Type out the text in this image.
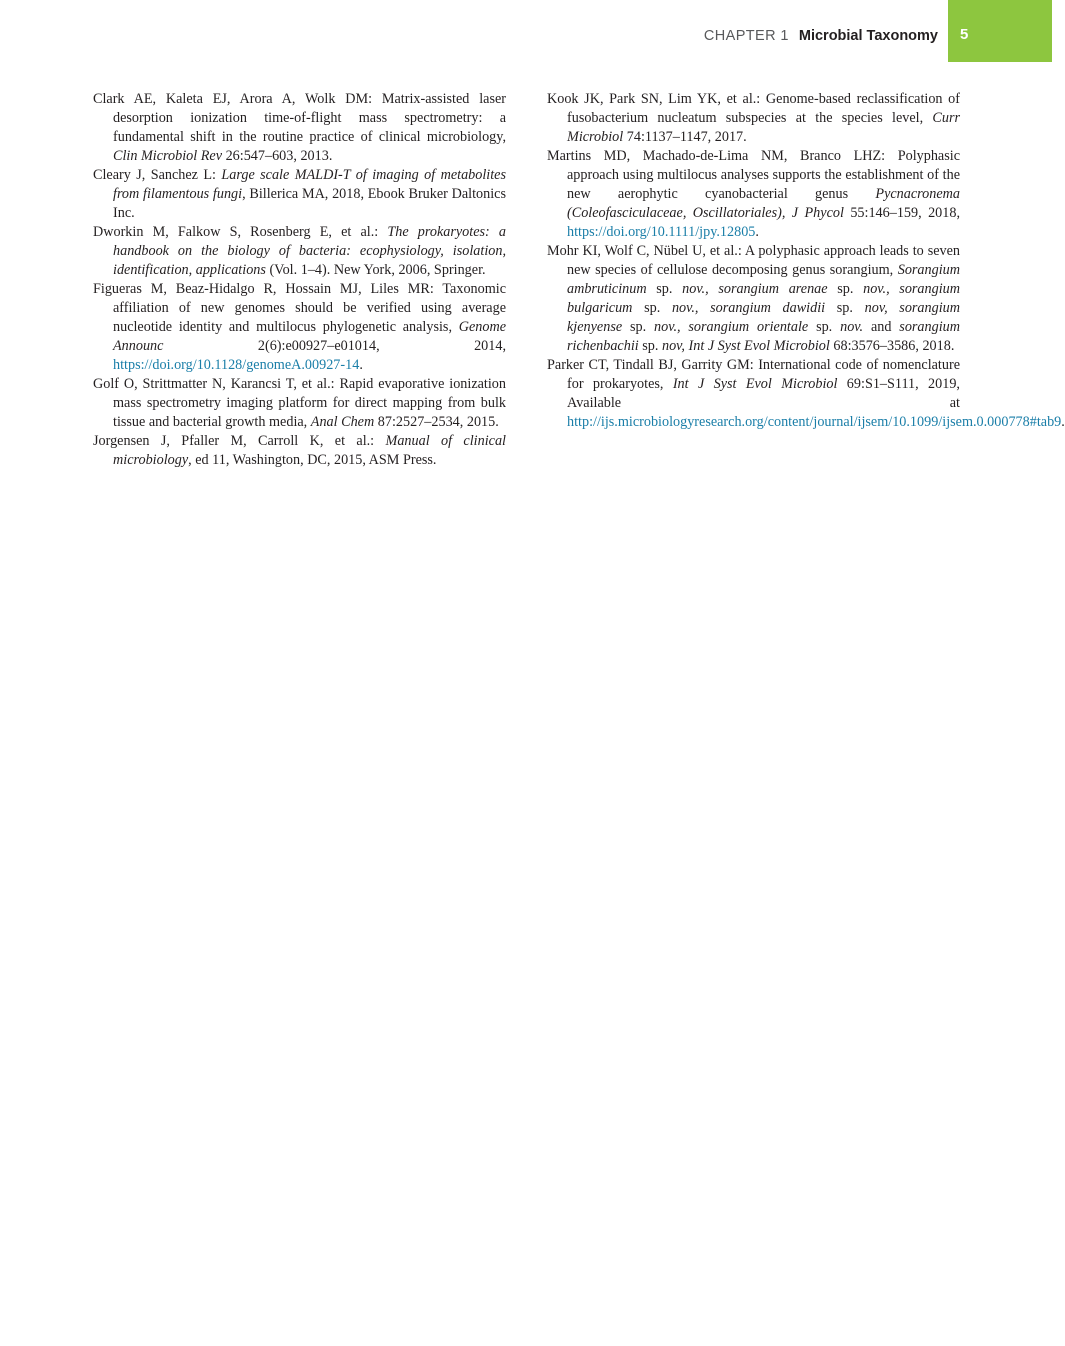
CHAPTER 1 Microbial Taxonomy	5

Clark AE, Kaleta EJ, Arora A, Wolk DM: Matrix-assisted laser desorption ionization time-of-flight mass spectrometry: a fundamental shift in the routine practice of clinical microbiology, Clin Microbiol Rev 26:547–603, 2013.

Cleary J, Sanchez L: Large scale MALDI-T of imaging of metabolites from filamentous fungi, Billerica MA, 2018, Ebook Bruker Daltonics Inc.

Dworkin M, Falkow S, Rosenberg E, et al.: The prokaryotes: a handbook on the biology of bacteria: ecophysiology, isolation, identification, applications (Vol. 1–4). New York, 2006, Springer.

Figueras M, Beaz-Hidalgo R, Hossain MJ, Liles MR: Taxonomic affiliation of new genomes should be verified using average nucleotide identity and multilocus phylogenetic analysis, Genome Announc 2(6):e00927–e01014, 2014, https://doi.org/10.1128/genomeA.00927-14.

Golf O, Strittmatter N, Karancsi T, et al.: Rapid evaporative ionization mass spectrometry imaging platform for direct mapping from bulk tissue and bacterial growth media, Anal Chem 87:2527–2534, 2015.

Jorgensen J, Pfaller M, Carroll K, et al.: Manual of clinical microbiology, ed 11, Washington, DC, 2015, ASM Press.

Kook JK, Park SN, Lim YK, et al.: Genome-based reclassification of fusobacterium nucleatum subspecies at the species level, Curr Microbiol 74:1137–1147, 2017.

Martins MD, Machado-de-Lima NM, Branco LHZ: Polyphasic approach using multilocus analyses supports the establishment of the new aerophytic cyanobacterial genus Pycnacronema (Coleofasciculaceae, Oscillatoriales), J Phycol 55:146–159, 2018, https://doi.org/10.1111/jpy.12805.

Mohr KI, Wolf C, Nübel U, et al.: A polyphasic approach leads to seven new species of cellulose decomposing genus sorangium, Sorangium ambruticinum sp. nov., sorangium arenae sp. nov., sorangium bulgaricum sp. nov., sorangium dawidii sp. nov, sorangium kjenyense sp. nov., sorangium orientale sp. nov. and sorangium richenbachii sp. nov, Int J Syst Evol Microbiol 68:3576–3586, 2018.

Parker CT, Tindall BJ, Garrity GM: International code of nomenclature for prokaryotes, Int J Syst Evol Microbiol 69:S1–S111, 2019, Available at http://ijs.microbiologyresearch.org/content/journal/ijsem/10.1099/ijsem.0.000778#tab9.
